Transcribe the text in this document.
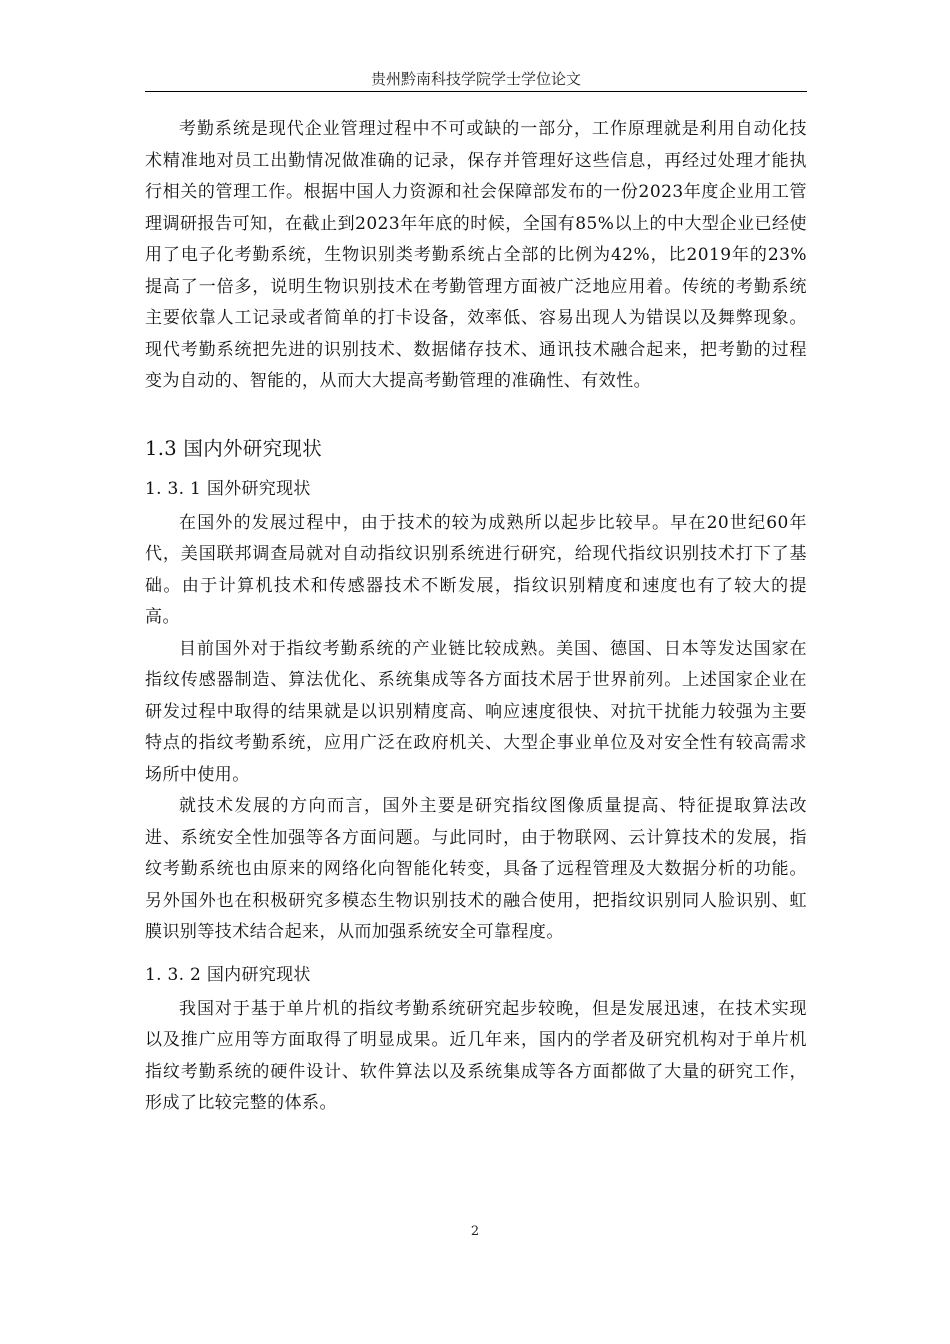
贵州黔南科技学院学士学位论文

考勤系统是现代企业管理过程中不可或缺的一部分，工作原理就是利用自动化技术精准地对员工出勤情况做准确的记录，保存并管理好这些信息，再经过处理才能执行相关的管理工作。根据中国人力资源和社会保障部发布的一份2023年度企业用工管理调研报告可知，在截止到2023年年底的时候，全国有85%以上的中大型企业已经使用了电子化考勤系统，生物识别类考勤系统占全部的比例为42%，比2019年的23%提高了一倍多，说明生物识别技术在考勤管理方面被广泛地应用着。传统的考勤系统主要依靠人工记录或者简单的打卡设备，效率低、容易出现人为错误以及舞弊现象。现代考勤系统把先进的识别技术、数据储存技术、通讯技术融合起来，把考勤的过程变为自动的、智能的，从而大大提高考勤管理的准确性、有效性。

1.3 国内外研究现状
1. 3. 1 国外研究现状

在国外的发展过程中，由于技术的较为成熟所以起步比较早。早在20世纪60年代，美国联邦调查局就对自动指纹识别系统进行研究，给现代指纹识别技术打下了基础。由于计算机技术和传感器技术不断发展，指纹识别精度和速度也有了较大的提高。

目前国外对于指纹考勤系统的产业链比较成熟。美国、德国、日本等发达国家在指纹传感器制造、算法优化、系统集成等各方面技术居于世界前列。上述国家企业在研发过程中取得的结果就是以识别精度高、响应速度很快、对抗干扰能力较强为主要特点的指纹考勤系统，应用广泛在政府机关、大型企事业单位及对安全性有较高需求场所中使用。

就技术发展的方向而言，国外主要是研究指纹图像质量提高、特征提取算法改进、系统安全性加强等各方面问题。与此同时，由于物联网、云计算技术的发展，指纹考勤系统也由原来的网络化向智能化转变，具备了远程管理及大数据分析的功能。另外国外也在积极研究多模态生物识别技术的融合使用，把指纹识别同人脸识别、虹膜识别等技术结合起来，从而加强系统安全可靠程度。

1. 3. 2 国内研究现状

我国对于基于单片机的指纹考勤系统研究起步较晚，但是发展迅速，在技术实现以及推广应用等方面取得了明显成果。近几年来，国内的学者及研究机构对于单片机指纹考勤系统的硬件设计、软件算法以及系统集成等各方面都做了大量的研究工作，形成了比较完整的体系。

2
